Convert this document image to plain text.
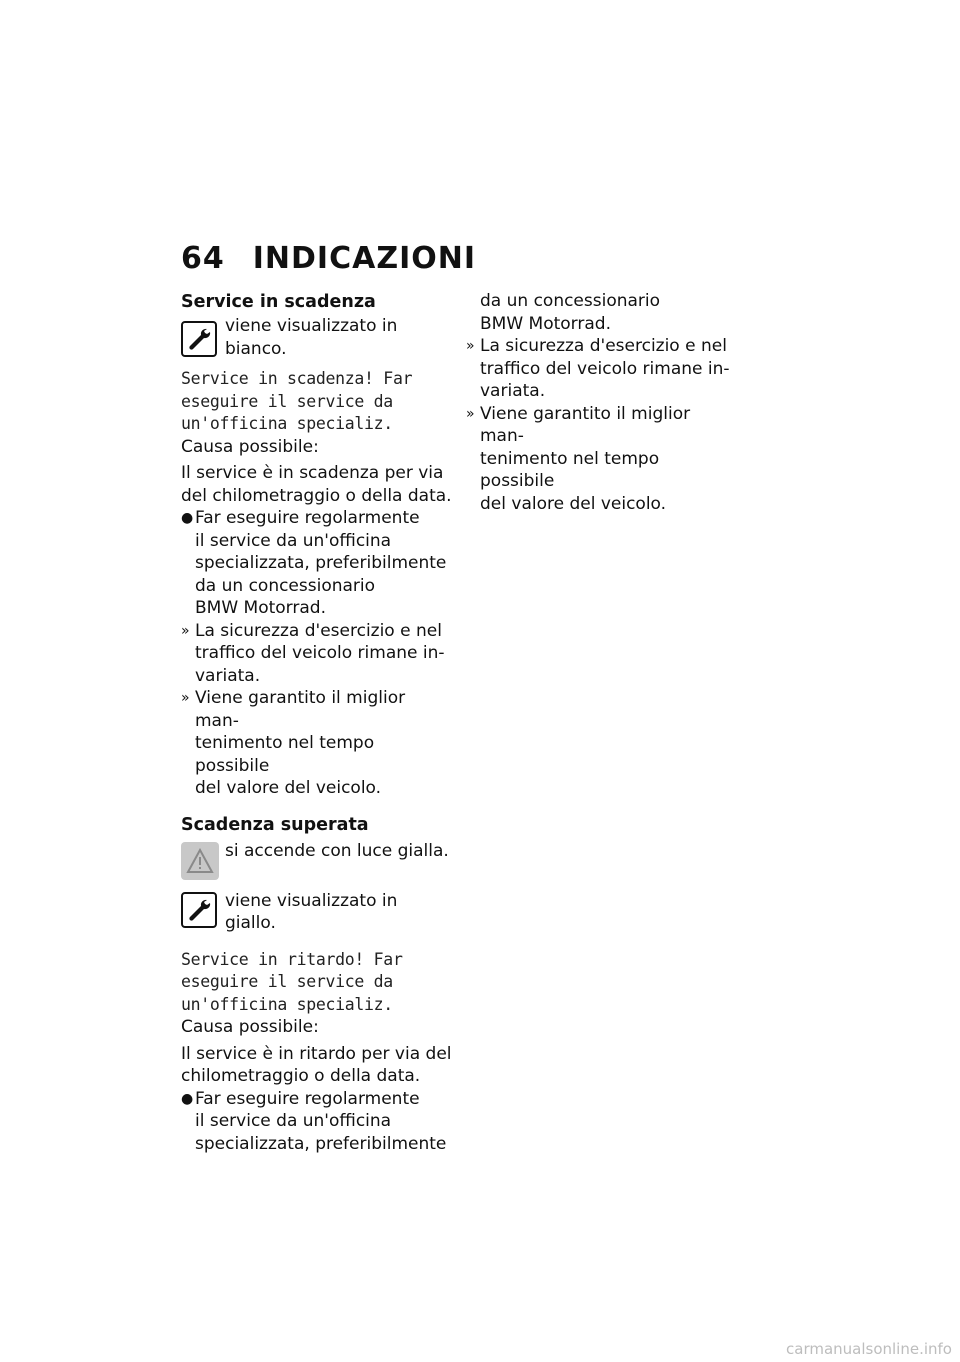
64 INDICAZIONI
Service in scadenza
viene visualizzato in
bianco.
Service in scadenza! Far
eseguire il service da
un'officina specializ.
Causa possibile:
Il service è in scadenza per via
del chilometraggio o della data.
● Far eseguire regolarmente
il service da un'officina
specializzata, preferibilmente
da un concessionario
BMW Motorrad.
» La sicurezza d'esercizio e nel
traffico del veicolo rimane in-
variata.
» Viene garantito il miglior man-
tenimento nel tempo possibile
del valore del veicolo.
Scadenza superata
si accende con luce gialla.
viene visualizzato in giallo.
Service in ritardo! Far
eseguire il service da
un'officina specializ.
Causa possibile:
Il service è in ritardo per via del
chilometraggio o della data.
● Far eseguire regolarmente
il service da un'officina
specializzata, preferibilmente
da un concessionario
BMW Motorrad.
» La sicurezza d'esercizio e nel
traffico del veicolo rimane in-
variata.
» Viene garantito il miglior man-
tenimento nel tempo possibile
del valore del veicolo.
carmanualsonline.info
